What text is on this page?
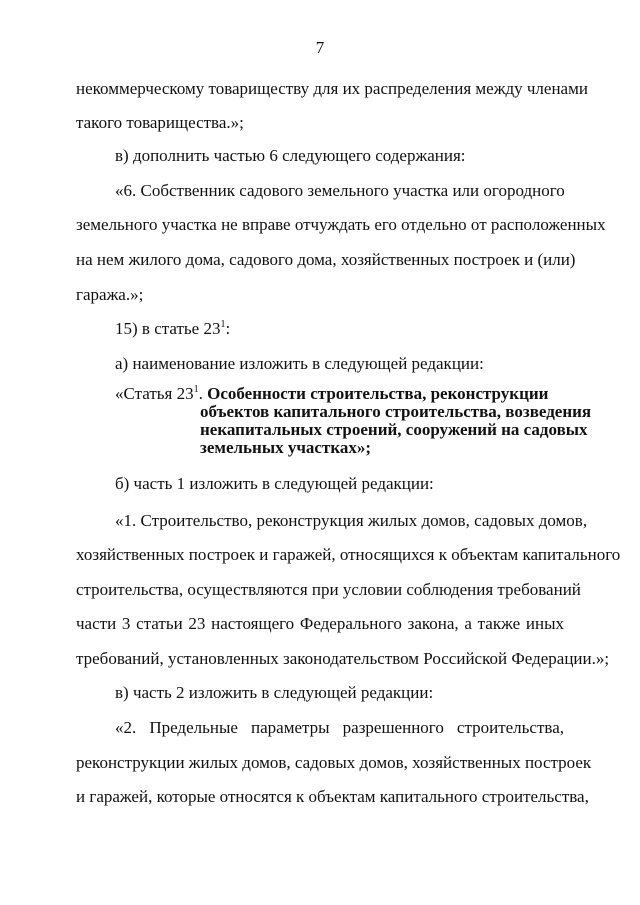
7
некоммерческому товариществу для их распределения между членами
такого товарищества.»;
в) дополнить частью 6 следующего содержания:
«6. Собственник садового земельного участка или огородного
земельного участка не вправе отчуждать его отдельно от расположенных
на нем жилого дома, садового дома, хозяйственных построек и (или)
гаража.»;
15) в статье $23^1$:
а) наименование изложить в следующей редакции:
«Статья $23^1$. Особенности строительства, реконструкции
объектов капитального строительства, возведения
некапитальных строений, сооружений на садовых
земельных участках»;
б) часть 1 изложить в следующей редакции:
«1. Строительство, реконструкция жилых домов, садовых домов,
хозяйственных построек и гаражей, относящихся к объектам капитального
строительства, осуществляются при условии соблюдения требований
части 3 статьи 23 настоящего Федерального закона, а также иных
требований, установленных законодательством Российской Федерации.»;
в) часть 2 изложить в следующей редакции:
«2. Предельные параметры разрешенного строительства,
реконструкции жилых домов, садовых домов, хозяйственных построек
и гаражей, которые относятся к объектам капитального строительства,
